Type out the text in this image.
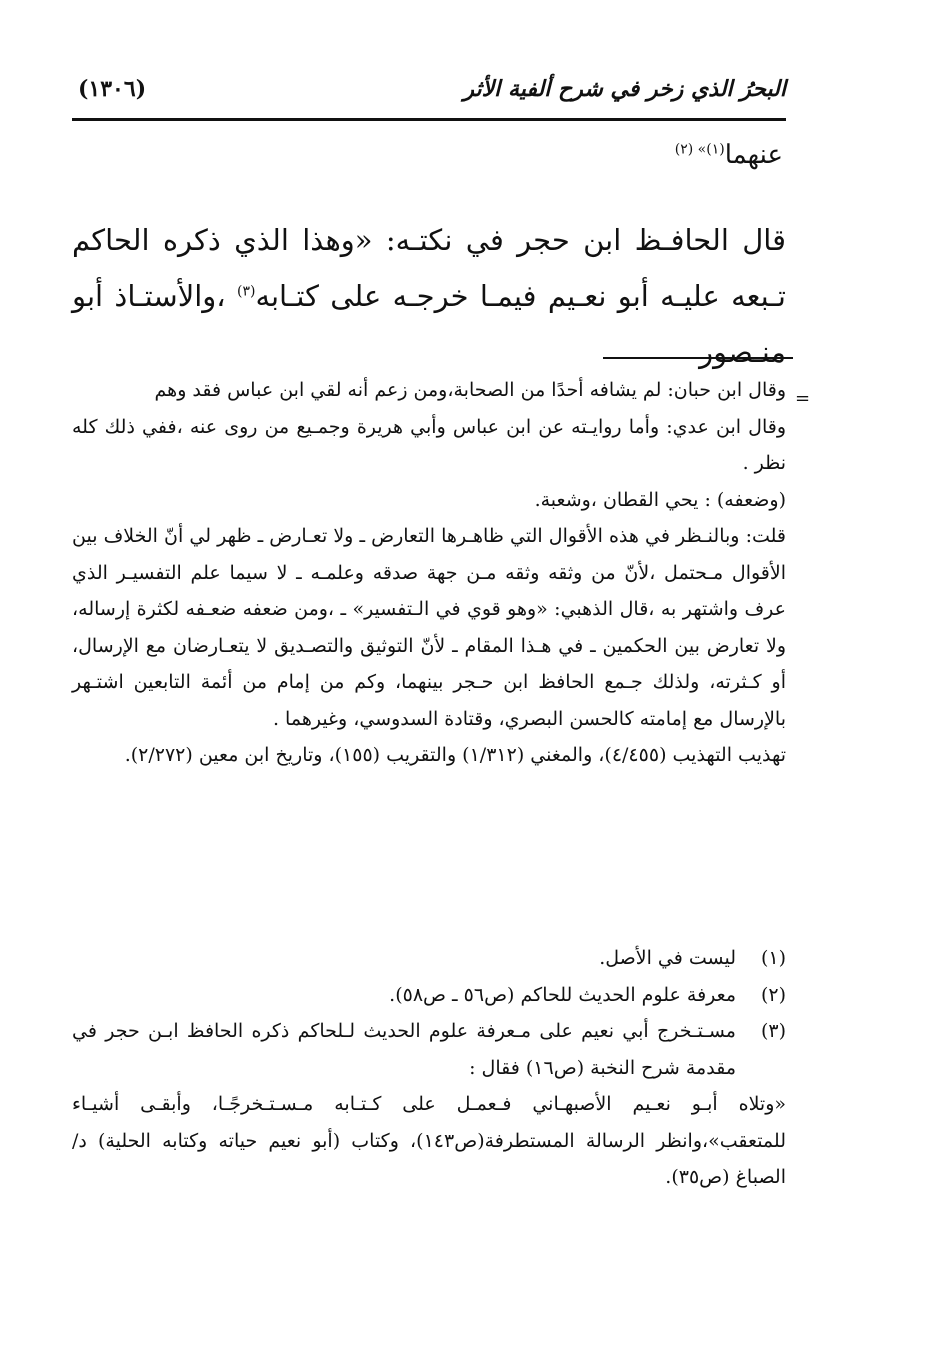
البحرُ الذي زخر في شرح ألفية الأثر
(١٣٠٦)
عنهما$^{(١)» (٢)}$
قال الحافـظ ابن حجر في نكتـه: «وهذا الذي ذكره الحاكم تـبعه عليـه أبو نعـيم فيمـا خرجـه على كتـابه$^{(٣)}$ ،والأستـاذ أبو منـصور
=

وقال ابن حبان: لم يشافه أحدًا من الصحابة،ومن زعم أنه لقي ابن عباس فقد وهم

وقال ابن عدي: وأما روايـته عن ابن عباس وأبي هريرة وجمـيع من روى عنه ،ففي ذلك كله نظر .

(وضعفه) : يحي القطان ،وشعبة.

قلت: وبالنـظر في هذه الأقوال التي ظاهـرها التعارض ـ ولا تعـارض ـ ظهر لي أنّ الخلاف بين الأقوال مـحتمل ،لأنّ من وثقه وثقه مـن جهة صدقه وعلمـه ـ لا سيما علم التفسيـر الذي عرف واشتهر به ،قال الذهبي: «وهو قوي في الـتفسير» ـ ،ومن ضعفه ضعـفه لكثرة إرساله، ولا تعارض بين الحكمين ـ في هـذا المقام ـ لأنّ التوثيق والتصـديق لا يتعـارضان مع الإرسال، أو كـثرته، ولذلك جـمع الحافظ ابن حـجر بينهما، وكم من إمام من أئمة التابعين اشتـهر بالإرسال مع إمامته كالحسن البصري، وقتادة السدوسي، وغيرهما .

تهذيب التهذيب (٤/٤٥٥)، والمغني (١/٣١٢) والتقريب (١٥٥)، وتاريخ ابن معين (٢/٢٧٢).

(١)
ليست في الأصل.
(٢)
معرفة علوم الحديث للحاكم (ص٥٦ ـ ص٥٨).
(٣)
مسـتـخرج أبي نعيم على مـعرفة علوم الحديث لـلحاكم ذكره الحافظ ابـن حجر في مقدمة شرح النخبة (ص١٦) فقال :

«وتلاه أبـو نعـيم الأصبهـاني فـعمـل على كـتـابه مـسـتـخرجًـا، وأبقـى أشيـاء للمتعقب»،وانظر الرسالة المستطرفة(ص١٤٣)، وكتاب (أبو نعيم حياته وكتابه الحلية) د/الصباغ (ص٣٥).
